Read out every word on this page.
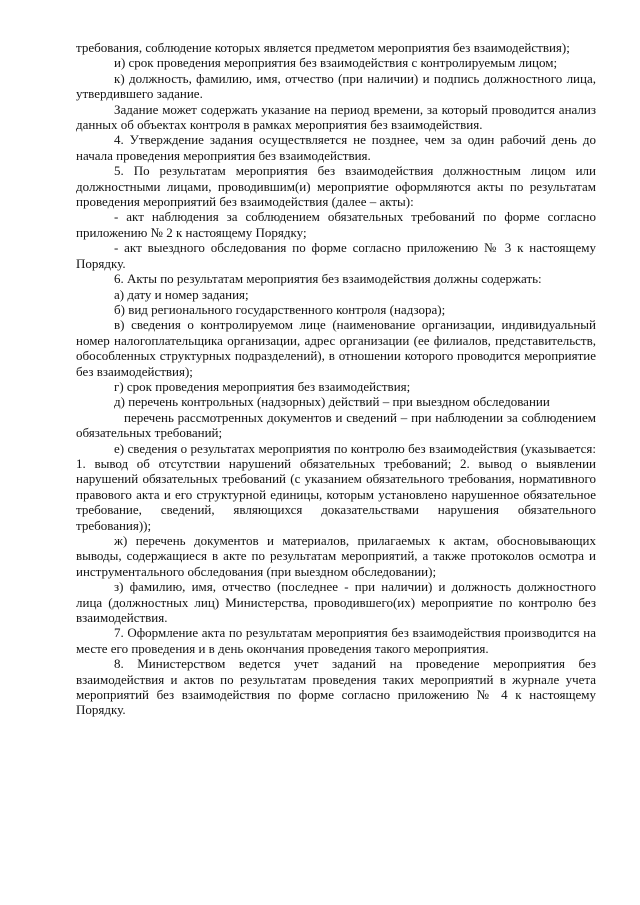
требования, соблюдение которых является предметом мероприятия без взаимодействия);

и) срок проведения мероприятия без взаимодействия с контролируемым лицом;

к) должность, фамилию, имя, отчество (при наличии) и подпись должностного лица, утвердившего задание.

Задание может содержать указание на период времени, за который проводится анализ данных об объектах контроля в рамках мероприятия без взаимодействия.

4. Утверждение задания осуществляется не позднее, чем за один рабочий день до начала проведения мероприятия без взаимодействия.

5. По результатам мероприятия без взаимодействия должностным лицом или должностными лицами, проводившим(и) мероприятие оформляются акты по результатам проведения мероприятий без взаимодействия (далее – акты):

- акт наблюдения за соблюдением обязательных требований по форме согласно приложению № 2 к настоящему Порядку;

- акт выездного обследования по форме согласно приложению № 3 к настоящему Порядку.

6. Акты по результатам мероприятия без взаимодействия должны содержать:

а) дату и номер задания;

б) вид регионального государственного контроля (надзора);

в) сведения о контролируемом лице (наименование организации, индивидуальный номер налогоплательщика организации, адрес организации (ее филиалов, представительств, обособленных структурных подразделений), в отношении которого проводится мероприятие без взаимодействия);

г) срок проведения мероприятия без взаимодействия;

д) перечень контрольных (надзорных) действий – при выездном обследовании

перечень рассмотренных документов и сведений – при наблюдении за соблюдением обязательных требований;

е) сведения о результатах мероприятия по контролю без взаимодействия (указывается: 1. вывод об отсутствии нарушений обязательных требований; 2. вывод о выявлении нарушений обязательных требований (с указанием обязательного требования, нормативного правового акта и его структурной единицы, которым установлено нарушенное обязательное требование, сведений, являющихся доказательствами нарушения обязательного требования));

ж) перечень документов и материалов, прилагаемых к актам, обосновывающих выводы, содержащиеся в акте по результатам мероприятий, а также протоколов осмотра и инструментального обследования (при выездном обследовании);

з) фамилию, имя, отчество (последнее - при наличии) и должность должностного лица (должностных лиц) Министерства, проводившего(их) мероприятие по контролю без взаимодействия.

7. Оформление акта по результатам мероприятия без взаимодействия производится на месте его проведения и в день окончания проведения такого мероприятия.

8. Министерством ведется учет заданий на проведение мероприятия без взаимодействия и актов по результатам проведения таких мероприятий в журнале учета мероприятий без взаимодействия по форме согласно приложению № 4 к настоящему Порядку.
